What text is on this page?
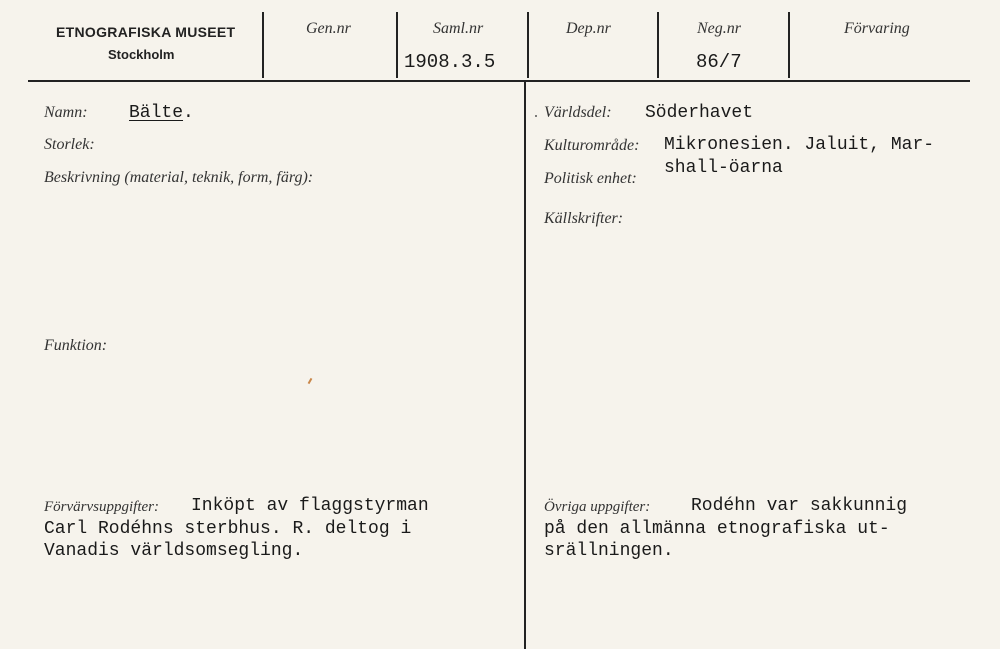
ETNOGRAFISKA MUSEET
Stockholm
Gen.nr	Saml.nr
1908.3.5
Dep.nr	Neg.nr
86/7
Förvaring
Namn: Bälte.
Storlek:
Beskrivning (material, teknik, form, färg):
Funktion:
Förvärvsuppgifter: Inköpt av flaggstyrman
Carl Rodéhns sterbhus. R. deltog i
Vanadis världsomsegling.
Världsdel: Söderhavet
Kulturområde: Mikronesien. Jaluit, Mar-
Politisk enhet:
shall-öarna
Källskrifter:
Övriga uppgifter: Rodéhn var sakkunnig
på den allmänna etnografiska ut-
srällningen.
